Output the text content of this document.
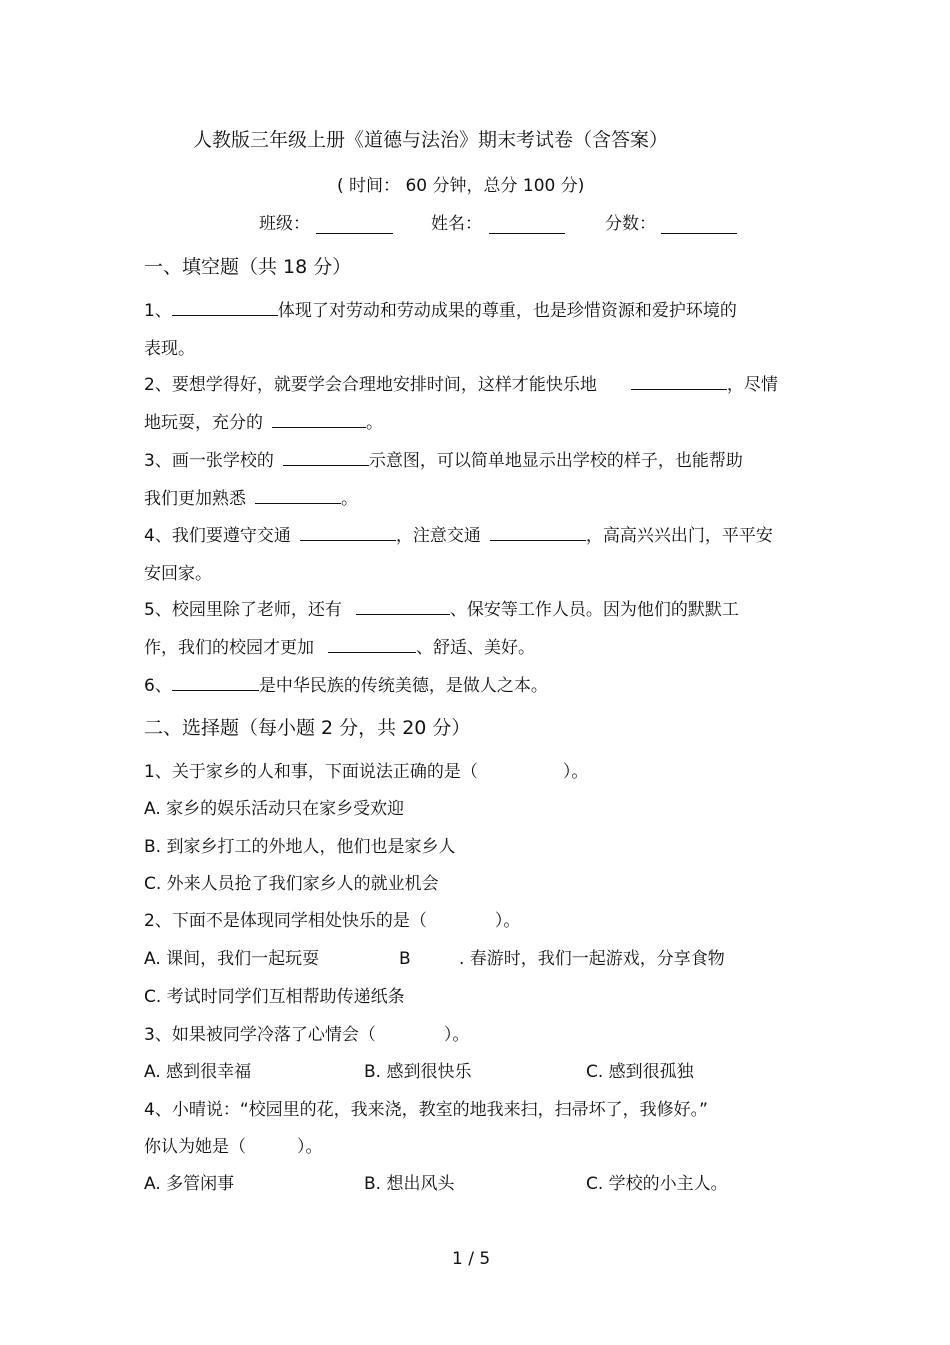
人教版三年级上册《道德与法治》期末考试卷（含答案）
( 时间： 60 分钟，总分 100 分)
班级：	姓名：	分数：
一、填空题（共 18 分）
1、	体现了对劳动和劳动成果的尊重，也是珍惜资源和爱护环境的
表现。
2、要想学得好，就要学会合理地安排时间，这样才能快乐地	，尽情
地玩耍，充分的	。
3、画一张学校的	示意图，可以简单地显示出学校的样子，也能帮助
我们更加熟悉	。
4、我们要遵守交通	，注意交通	，高高兴兴出门，平平安
安回家。
5、校园里除了老师，还有	、保安等工作人员。因为他们的默默工
作，我们的校园才更加	、舒适、美好。
6、	是中华民族的传统美德，是做人之本。
二、选择题（每小题 2 分，共 20 分）
1、关于家乡的人和事，下面说法正确的是（　　　　　）。
A. 家乡的娱乐活动只在家乡受欢迎
B. 到家乡打工的外地人，他们也是家乡人
C. 外来人员抢了我们家乡人的就业机会
2、下面不是体现同学相处快乐的是（　　　　）。
A. 课间，我们一起玩耍	B	. 春游时，我们一起游戏，分享食物
C. 考试时同学们互相帮助传递纸条
3、如果被同学冷落了心情会（　　　　）。
A. 感到很幸福	B. 感到很快乐	C. 感到很孤独
4、小晴说：“校园里的花，我来浇，教室的地我来扫，扫帚坏了，我修好。”
你认为她是（　　　）。
A. 多管闲事	B. 想出风头	C. 学校的小主人。
1 / 5
